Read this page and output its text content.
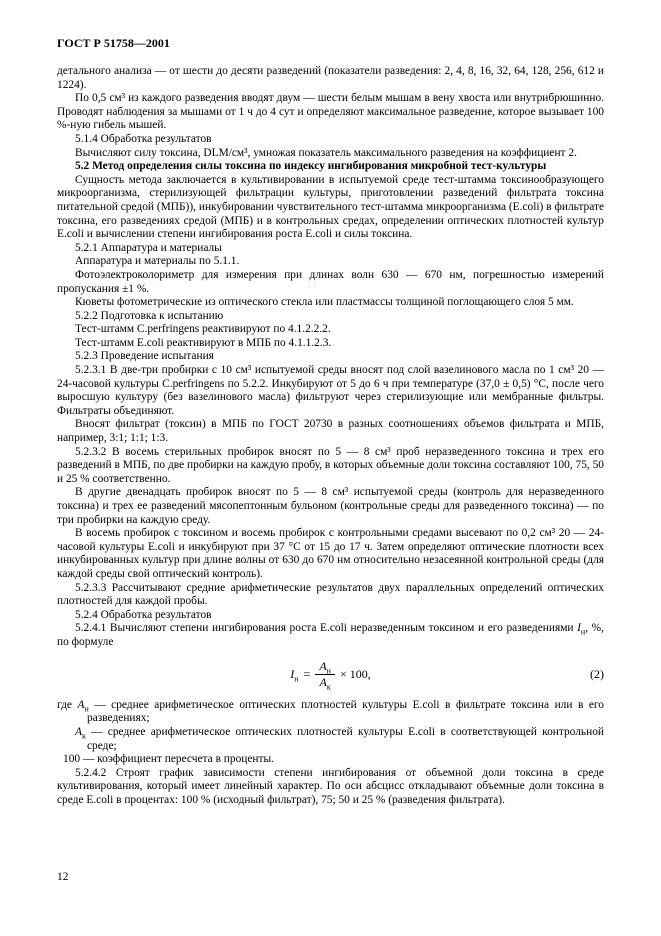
ГОСТ Р 51758—2001

детального анализа — от шести до десяти разведений (показатели разведения: 2, 4, 8, 16, 32, 64, 128, 256, 612 и 1224).

По 0,5 см³ из каждого разведения вводят двум — шести белым мышам в вену хвоста или внутрибрюшинно. Проводят наблюдения за мышами от 1 ч до 4 сут и определяют максимальное разведение, которое вызывает 100 %-ную гибель мышей.

5.1.4 Обработка результатов

Вычисляют силу токсина, DLM/см³, умножая показатель максимального разведения на коэффициент 2.

5.2 Метод определения силы токсина по индексу ингибирования микробной тест-культуры

Сущность метода заключается в культивировании в испытуемой среде тест-штамма токсинообразующего микроорганизма, стерилизующей фильтрации культуры, приготовлении разведений фильтрата токсина питательной средой (МПБ)), инкубировании чувствительного тест-штамма микроорганизма (E.coli) в фильтрате токсина, его разведениях средой (МПБ) и в контрольных средах, определении оптических плотностей культур E.coli и вычислении степени ингибирования роста E.coli и силы токсина.

5.2.1 Аппаратура и материалы

Аппаратура и материалы по 5.1.1.

Фотоэлектроколориметр для измерения при длинах волн 630 — 670 нм, погрешностью измерений пропускания ±1 %.

Кюветы фотометрические из оптического стекла или пластмассы толщиной поглощающего слоя 5 мм.

5.2.2 Подготовка к испытанию

Тест-штамм C.perfringens реактивируют по 4.1.2.2.2.

Тест-штамм E.coli реактивируют в МПБ по 4.1.1.2.3.

5.2.3 Проведение испытания

5.2.3.1 В две-три пробирки с 10 см³ испытуемой среды вносят под слой вазелинового масла по 1 см³ 20 — 24-часовой культуры C.perfringens по 5.2.2. Инкубируют от 5 до 6 ч при температуре (37,0 ± 0,5) °С, после чего выросшую культуру (без вазелинового масла) фильтруют через стерилизующие или мембранные фильтры. Фильтраты объединяют.

Вносят фильтрат (токсин) в МПБ по ГОСТ 20730 в разных соотношениях объемов фильтрата и МПБ, например, 3:1; 1:1; 1:3.

5.2.3.2 В восемь стерильных пробирок вносят по 5 — 8 см³ проб неразведенного токсина и трех его разведений в МПБ, по две пробирки на каждую пробу, в которых объемные доли токсина составляют 100, 75, 50 и 25 % соответственно.

В другие двенадцать пробирок вносят по 5 — 8 см³ испытуемой среды (контроль для неразведенного токсина) и трех ее разведений мясопептонным бульоном (контрольные среды для разведенного токсина) — по три пробирки на каждую среду.

В восемь пробирок с токсином и восемь пробирок с контрольными средами высевают по 0,2 см³ 20 — 24-часовой культуры E.coli и инкубируют при 37 °С от 15 до 17 ч. Затем определяют оптические плотности всех инкубированных культур при длине волны от 630 до 670 нм относительно незасеянной контрольной среды (для каждой среды свой оптический контроль).

5.2.3.3 Рассчитывают средние арифметические результатов двух параллельных определений оптических плотностей для каждой пробы.

5.2.4 Обработка результатов

5.2.4.1 Вычисляют степени ингибирования роста E.coli неразведенным токсином и его разведениями $I_н$, %, по формуле

$I_н = \frac{A_н}{A_к} \times 100$,	(2)

где $A_н$ — среднее арифметическое оптических плотностей культуры E.coli в фильтрате токсина или в его разведениях;

$A_к$ — среднее арифметическое оптических плотностей культуры E.coli в соответствующей контрольной среде;

100 — коэффициент пересчета в проценты.

5.2.4.2 Строят график зависимости степени ингибирования от объемной доли токсина в среде культивирования, который имеет линейный характер. По оси абсцисс откладывают объемные доли токсина в среде E.coli в процентах: 100 % (исходный фильтрат), 75; 50 и 25 % (разведения фильтрата).

12
